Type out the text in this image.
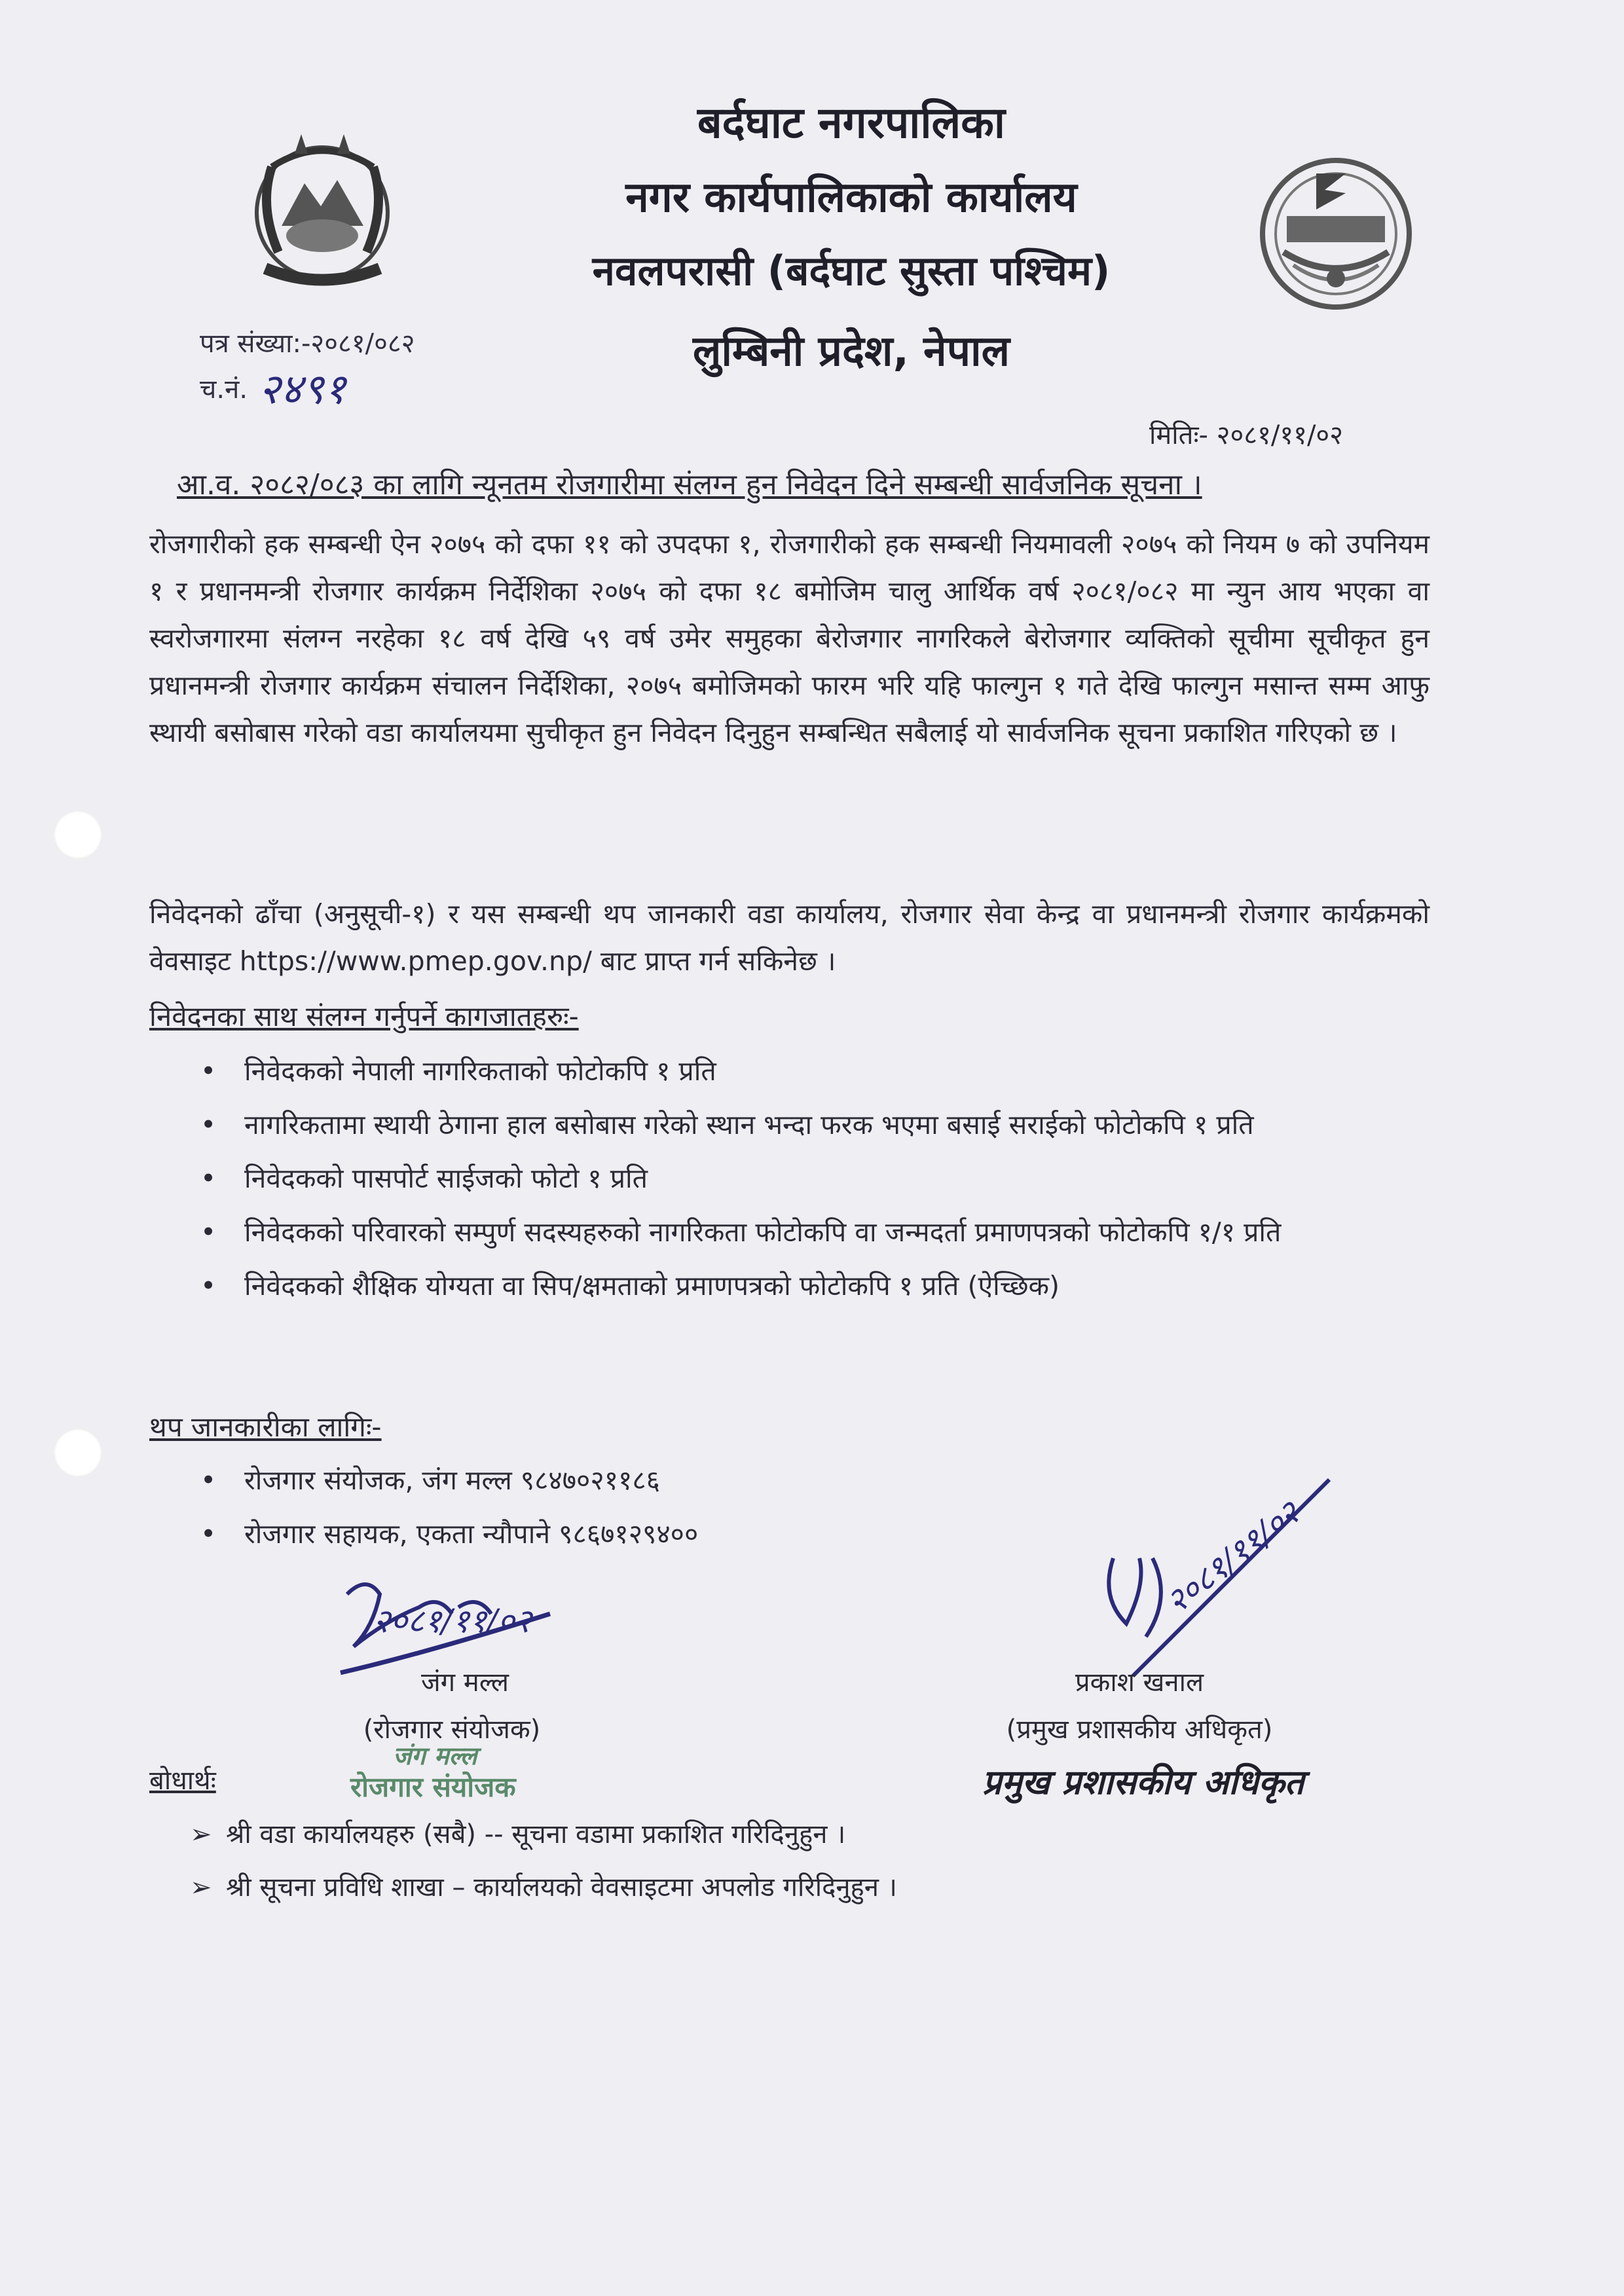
बर्दघाट नगरपालिका
नगर कार्यपालिकाको कार्यालय
नवलपरासी (बर्दघाट सुस्ता पश्चिम)
लुम्बिनी प्रदेश, नेपाल
पत्र संख्या:-२०८१/०८२
च.नं. २४९१
मितिः- २०८१/११/०२
आ.व. २०८२/०८३ का लागि न्यूनतम रोजगारीमा संलग्न हुन निवेदन दिने सम्बन्धी सार्वजनिक सूचना ।
रोजगारीको हक सम्बन्धी ऐन २०७५ को दफा ११ को उपदफा १, रोजगारीको हक सम्बन्धी नियमावली २०७५ को नियम ७ को उपनियम १ र प्रधानमन्त्री रोजगार कार्यक्रम निर्देशिका २०७५ को दफा १८ बमोजिम चालु आर्थिक वर्ष २०८१/०८२ मा न्युन आय भएका वा स्वरोजगारमा संलग्न नरहेका १८ वर्ष देखि ५९ वर्ष उमेर समुहका बेरोजगार नागरिकले बेरोजगार व्यक्तिको सूचीमा सूचीकृत हुन प्रधानमन्त्री रोजगार कार्यक्रम संचालन निर्देशिका, २०७५ बमोजिमको फारम भरि यहि फाल्गुन १ गते देखि फाल्गुन मसान्त सम्म आफु स्थायी बसोबास गरेको वडा कार्यालयमा सुचीकृत हुन निवेदन दिनुहुन सम्बन्धित सबैलाई यो सार्वजनिक सूचना प्रकाशित गरिएको छ ।
निवेदनको ढाँचा (अनुसूची-१) र यस सम्बन्धी थप जानकारी वडा कार्यालय, रोजगार सेवा केन्द्र वा प्रधानमन्त्री रोजगार कार्यक्रमको वेवसाइट https://www.pmep.gov.np/ बाट प्राप्त गर्न सकिनेछ ।
निवेदनका साथ संलग्न गर्नुपर्ने कागजातहरुः-
• निवेदकको नेपाली नागरिकताको फोटोकपि १ प्रति
• नागरिकतामा स्थायी ठेगाना हाल बसोबास गरेको स्थान भन्दा फरक भएमा बसाई सराईको फोटोकपि १ प्रति
• निवेदकको पासपोर्ट साईजको फोटो १ प्रति
• निवेदकको परिवारको सम्पुर्ण सदस्यहरुको नागरिकता फोटोकपि वा जन्मदर्ता प्रमाणपत्रको फोटोकपि १/१ प्रति
• निवेदकको शैक्षिक योग्यता वा सिप/क्षमताको प्रमाणपत्रको फोटोकपि १ प्रति (ऐच्छिक)
थप जानकारीका लागिः-
• रोजगार संयोजक, जंग मल्ल ९८४७०२११८६
• रोजगार सहायक, एकता न्यौपाने ९८६७१२९४००
२०८१/११/०२
जंग मल्ल
(रोजगार संयोजक)
जंग मल्ल
रोजगार संयोजक
२०८१/११/०२
प्रकाश खनाल
(प्रमुख प्रशासकीय अधिकृत)
प्रमुख प्रशासकीय अधिकृत
बोधार्थः
➢ श्री वडा कार्यालयहरु (सबै) -- सूचना वडामा प्रकाशित गरिदिनुहुन ।
➢ श्री सूचना प्रविधि शाखा – कार्यालयको वेवसाइटमा अपलोड गरिदिनुहुन ।
